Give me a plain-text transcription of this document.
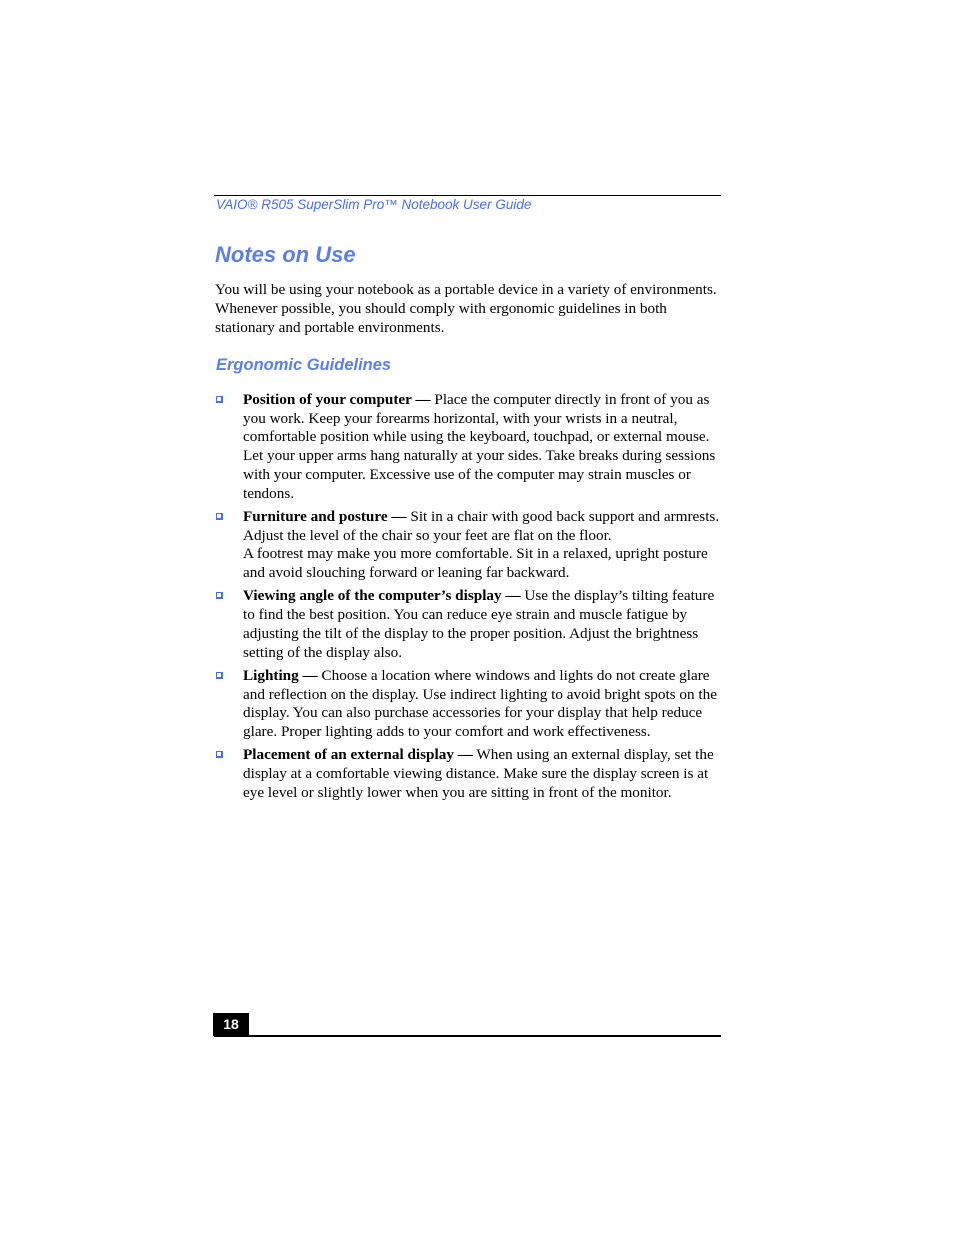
VAIO® R505 SuperSlim Pro™ Notebook User Guide
Notes on Use

You will be using your notebook as a portable device in a variety of environments. Whenever possible, you should comply with ergonomic guidelines in both stationary and portable environments.

Ergonomic Guidelines
Position of your computer — Place the computer directly in front of you as you work. Keep your forearms horizontal, with your wrists in a neutral, comfortable position while using the keyboard, touchpad, or external mouse. Let your upper arms hang naturally at your sides. Take breaks during sessions with your computer. Excessive use of the computer may strain muscles or tendons.
Furniture and posture — Sit in a chair with good back support and armrests. Adjust the level of the chair so your feet are flat on the floor.
A footrest may make you more comfortable. Sit in a relaxed, upright posture and avoid slouching forward or leaning far backward.
Viewing angle of the computer’s display — Use the display’s tilting feature to find the best position. You can reduce eye strain and muscle fatigue by adjusting the tilt of the display to the proper position. Adjust the brightness setting of the display also.
Lighting — Choose a location where windows and lights do not create glare and reflection on the display. Use indirect lighting to avoid bright spots on the display. You can also purchase accessories for your display that help reduce glare. Proper lighting adds to your comfort and work effectiveness.
Placement of an external display — When using an external display, set the display at a comfortable viewing distance. Make sure the display screen is at eye level or slightly lower when you are sitting in front of the monitor.
18
